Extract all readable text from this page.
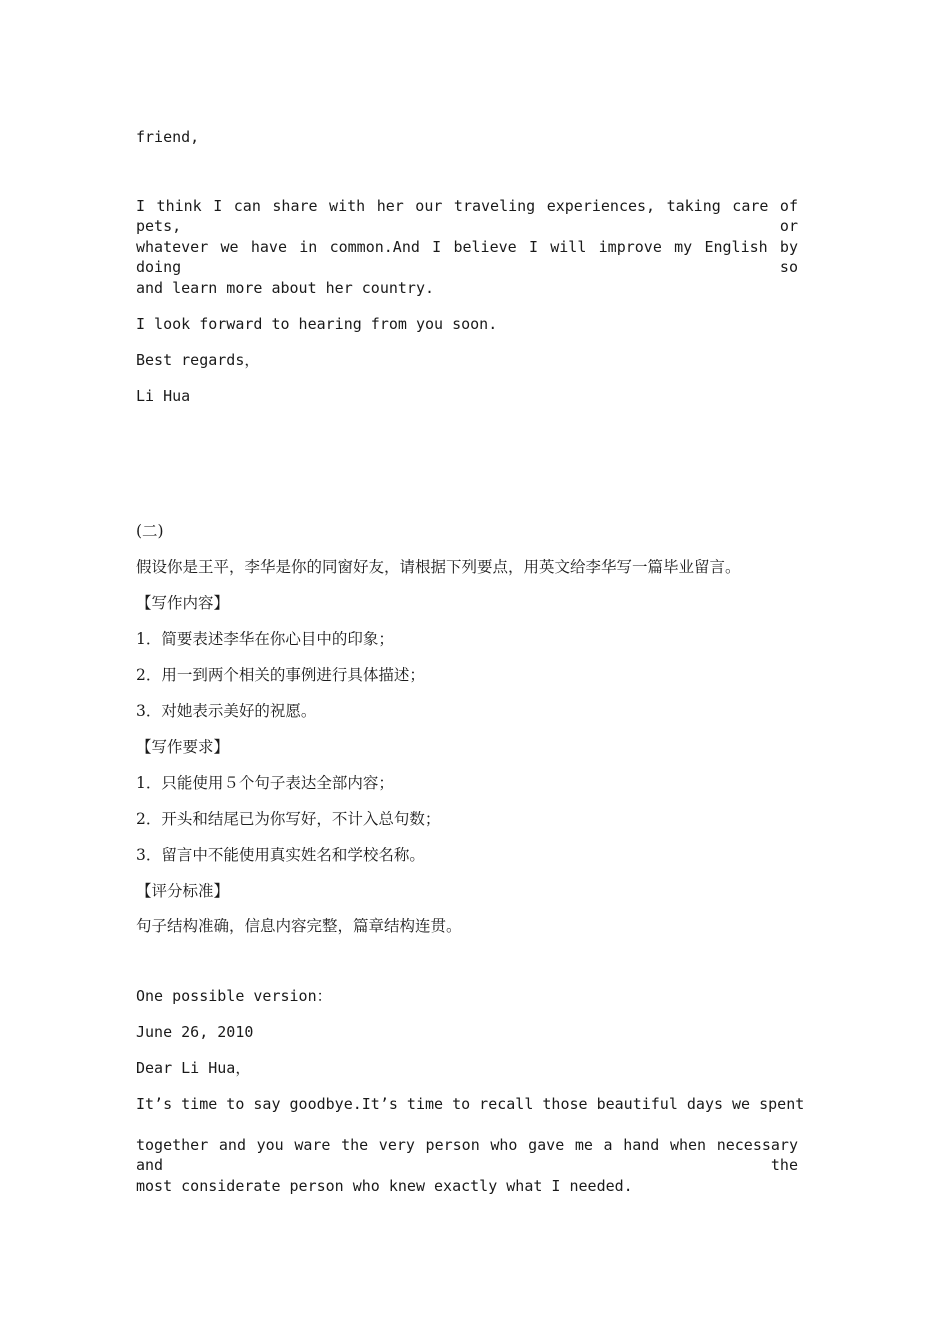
friend,
I think I can share with her our traveling experiences, taking care of pets, or
whatever we have in common.And I believe I will improve my English by doing so
and learn more about her country.
I look forward to hearing from you soon.
Best regards，
Li Hua
(二)
假设你是王平，李华是你的同窗好友，请根据下列要点，用英文给李华写一篇毕业留言。
【写作内容】
1．简要表述李华在你心目中的印象；
2．用一到两个相关的事例进行具体描述；
3．对她表示美好的祝愿。
【写作要求】
1．只能使用５个句子表达全部内容；
2．开头和结尾已为你写好，不计入总句数；
3．留言中不能使用真实姓名和学校名称。
【评分标准】
句子结构准确，信息内容完整，篇章结构连贯。
One possible version：
June 26, 2010
Dear Li Hua，
It’s time to say goodbye.It’s time to recall those beautiful days we spent
together and you ware the very person who gave me a hand when necessary and the
most considerate person who knew exactly what I needed.
